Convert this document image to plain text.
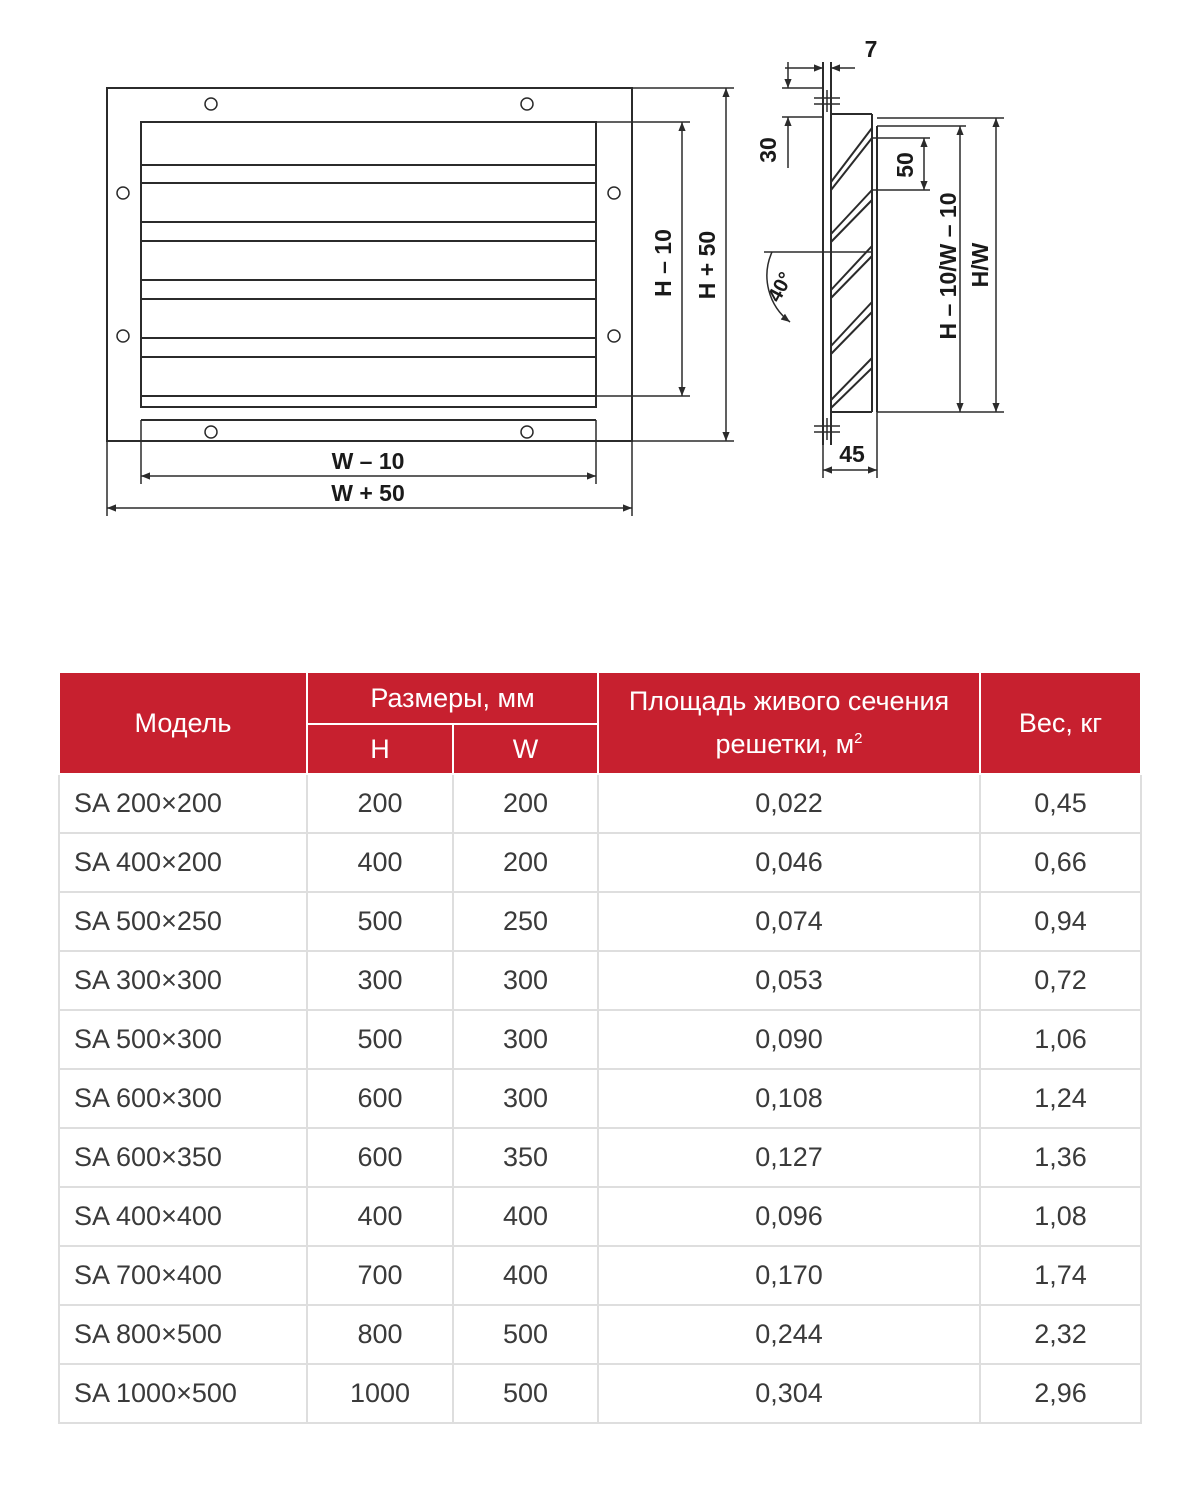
W – 10
W + 50
H – 10 H + 50
7
30
50
40°	H – 10/W – 10 H/W
45
Модель	Размеры, мм		Площадь живого сечения решетки, $м^2$	Вес, кг
	H	W		
SA 200×200	200	200	0,022	0,45
SA 400×200	400	200	0,046	0,66
SA 500×250	500	250	0,074	0,94
SA 300×300	300	300	0,053	0,72
SA 500×300	500	300	0,090	1,06
SA 600×300	600	300	0,108	1,24
SA 600×350	600	350	0,127	1,36
SA 400×400	400	400	0,096	1,08
SA 700×400	700	400	0,170	1,74
SA 800×500	800	500	0,244	2,32
SA 1000×500	1000	500	0,304	2,96
